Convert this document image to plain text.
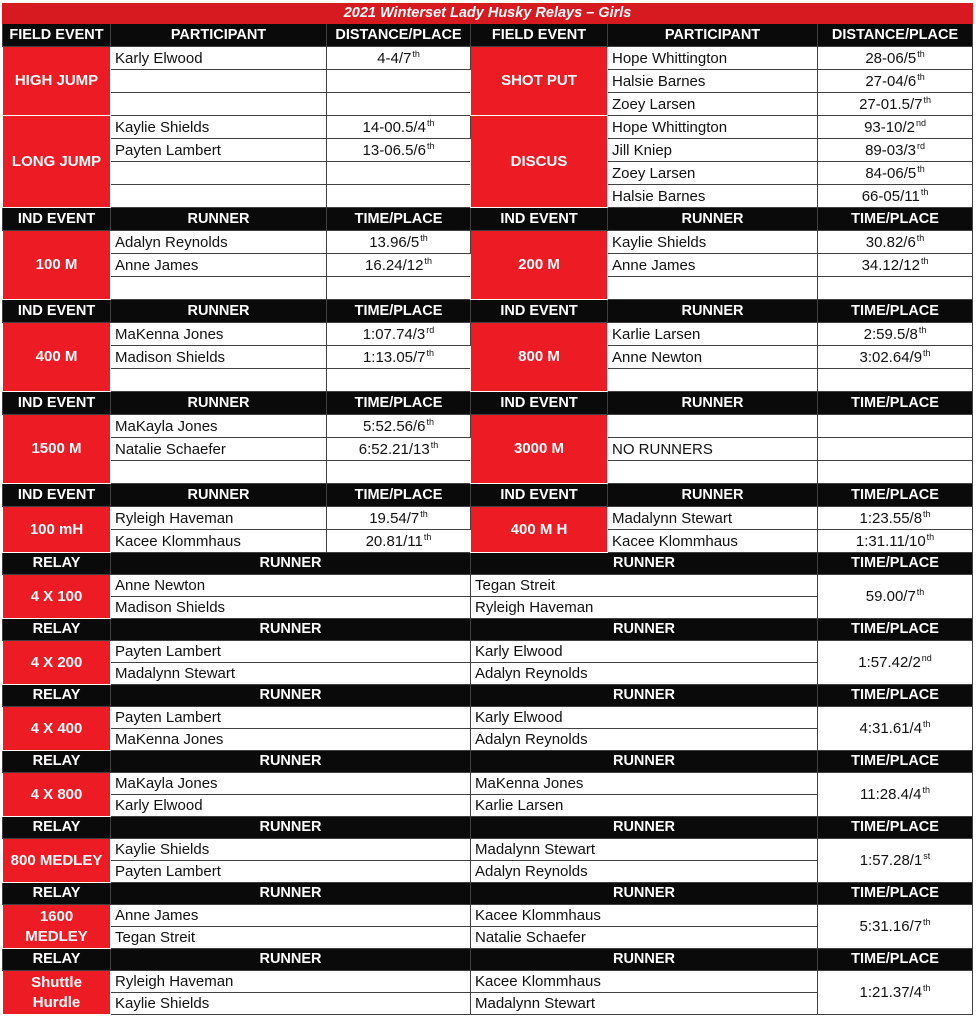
2021 Winterset Lady Husky Relays – Girls					
FIELD EVENT	PARTICIPANT	DISTANCE/PLACE	FIELD EVENT	PARTICIPANT	DISTANCE/PLACE
HIGH JUMP	Karly Elwood	4-4/7th	SHOT PUT	Hope Whittington	28-06/5th
				Halsie Barnes	27-04/6th
				Zoey Larsen	27-01.5/7th
LONG JUMP	Kaylie Shields	14-00.5/4th	DISCUS	Hope Whittington	93-10/2nd
	Payten Lambert	13-06.5/6th		Jill Kniep	89-03/3rd
				Zoey Larsen	84-06/5th
				Halsie Barnes	66-05/11th
IND EVENT	RUNNER	TIME/PLACE	IND EVENT	RUNNER	TIME/PLACE
100 M	Adalyn Reynolds	13.96/5th	200 M	Kaylie Shields	30.82/6th
	Anne James	16.24/12th		Anne James	34.12/12th

IND EVENT	RUNNER	TIME/PLACE	IND EVENT	RUNNER	TIME/PLACE
400 M	MaKenna Jones	1:07.74/3rd	800 M	Karlie Larsen	2:59.5/8th
	Madison Shields	1:13.05/7th		Anne Newton	3:02.64/9th

IND EVENT	RUNNER	TIME/PLACE	IND EVENT	RUNNER	TIME/PLACE
1500 M	MaKayla Jones	5:52.56/6th	3000 M		
	Natalie Schaefer	6:52.21/13th		NO RUNNERS	

IND EVENT	RUNNER	TIME/PLACE	IND EVENT	RUNNER	TIME/PLACE
100 mH	Ryleigh Haveman	19.54/7th	400 M H	Madalynn Stewart	1:23.55/8th
	Kacee Klommhaus	20.81/11th		Kacee Klommhaus	1:31.11/10th
RELAY	RUNNER		RUNNER		TIME/PLACE
4 X 100	Anne Newton		Tegan Streit		59.00/7th
	Madison Shields		Ryleigh Haveman		
RELAY	RUNNER		RUNNER		TIME/PLACE
4 X 200	Payten Lambert		Karly Elwood		1:57.42/2nd
	Madalynn Stewart		Adalyn Reynolds		
RELAY	RUNNER		RUNNER		TIME/PLACE
4 X 400	Payten Lambert		Karly Elwood		4:31.61/4th
	MaKenna Jones		Adalyn Reynolds		
RELAY	RUNNER		RUNNER		TIME/PLACE
4 X 800	MaKayla Jones		MaKenna Jones		11:28.4/4th
	Karly Elwood		Karlie Larsen		
RELAY	RUNNER		RUNNER		TIME/PLACE
800 MEDLEY	Kaylie Shields		Madalynn Stewart		1:57.28/1st
	Payten Lambert		Adalyn Reynolds		
RELAY	RUNNER		RUNNER		TIME/PLACE
1600 MEDLEY	Anne James		Kacee Klommhaus		5:31.16/7th
	Tegan Streit		Natalie Schaefer		
RELAY	RUNNER		RUNNER		TIME/PLACE
Shuttle Hurdle	Ryleigh Haveman		Kacee Klommhaus		1:21.37/4th
	Kaylie Shields		Madalynn Stewart		
